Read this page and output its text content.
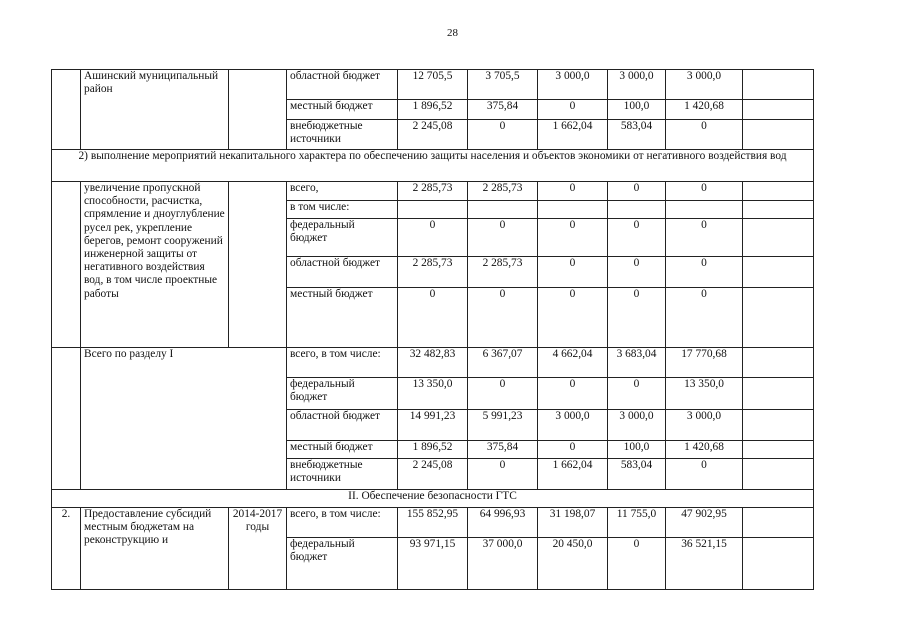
28
	Ашинский муниципальный район		областной бюджет	12 705,5	3 705,5	3 000,0	3 000,0	3 000,0	
			местный бюджет	1 896,52	375,84	0	100,0	1 420,68	
			внебюджетные источники	2 245,08	0	1 662,04	583,04	0	
2) выполнение мероприятий некапитального характера по обеспечению защиты населения и объектов экономики от негативного воздействия вод									
	увеличение пропускной способности, расчистка, спрямление и дноуглубление русел рек, укрепление берегов, ремонт сооружений инженерной защиты от негативного воздействия вод, в том числе проектные работы		всего,	2 285,73	2 285,73	0	0	0	
			в том числе:						
			федеральный бюджет	0	0	0	0	0	
			областной бюджет	2 285,73	2 285,73	0	0	0	
			местный бюджет	0	0	0	0	0	
	Всего по разделу I		всего, в том числе:	32 482,83	6 367,07	4 662,04	3 683,04	17 770,68	
			федеральный бюджет	13 350,0	0	0	0	13 350,0	
			областной бюджет	14 991,23	5 991,23	3 000,0	3 000,0	3 000,0	
			местный бюджет	1 896,52	375,84	0	100,0	1 420,68	
			внебюджетные источники	2 245,08	0	1 662,04	583,04	0	
II. Обеспечение безопасности ГТС									
2.	Предоставление субсидий местным бюджетам на реконструкцию и	2014-2017 годы	всего, в том числе:	155 852,95	64 996,93	31 198,07	11 755,0	47 902,95	
			федеральный бюджет	93 971,15	37 000,0	20 450,0	0	36 521,15	
